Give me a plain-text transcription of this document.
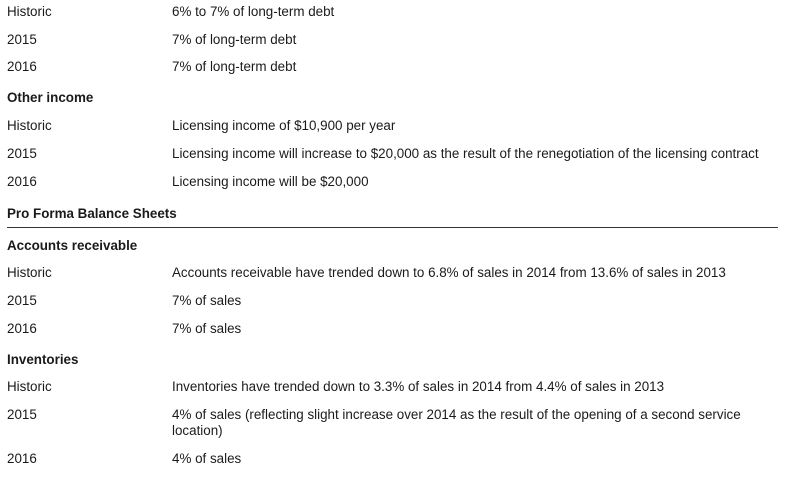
Historic	6% to 7% of long-term debt
2015	7% of long-term debt
2016	7% of long-term debt
Other income
Historic	Licensing income of $10,900 per year
2015	Licensing income will increase to $20,000 as the result of the renegotiation of the licensing contract
2016	Licensing income will be $20,000
Pro Forma Balance Sheets
Accounts receivable
Historic	Accounts receivable have trended down to 6.8% of sales in 2014 from 13.6% of sales in 2013
2015	7% of sales
2016	7% of sales
Inventories
Historic	Inventories have trended down to 3.3% of sales in 2014 from 4.4% of sales in 2013
2015	4% of sales (reflecting slight increase over 2014 as the result of the opening of a second service location)
2016	4% of sales
